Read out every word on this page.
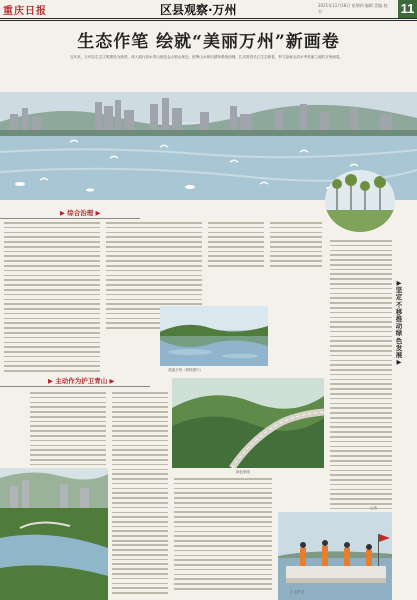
重庆日报	区县观察·万州	2021年11月18日 星期四 编辑 美编 校对	11
生态作笔 绘就“美丽万州”新画卷
近年来，万州以生态文明建设为统领，深入践行绿水青山就是金山银山理念，统筹山水林田湖草系统治理，扎实推进长江生态修复，努力绘就山清水秀美丽之地的万州画卷。
▶ 综合治理 ▶
▶ 坚定不移推动绿色发展 ▶
美丽万州（资料图片）
▶ 主动作为护卫青山 ▶
绿色家园
江上护卫
记者
